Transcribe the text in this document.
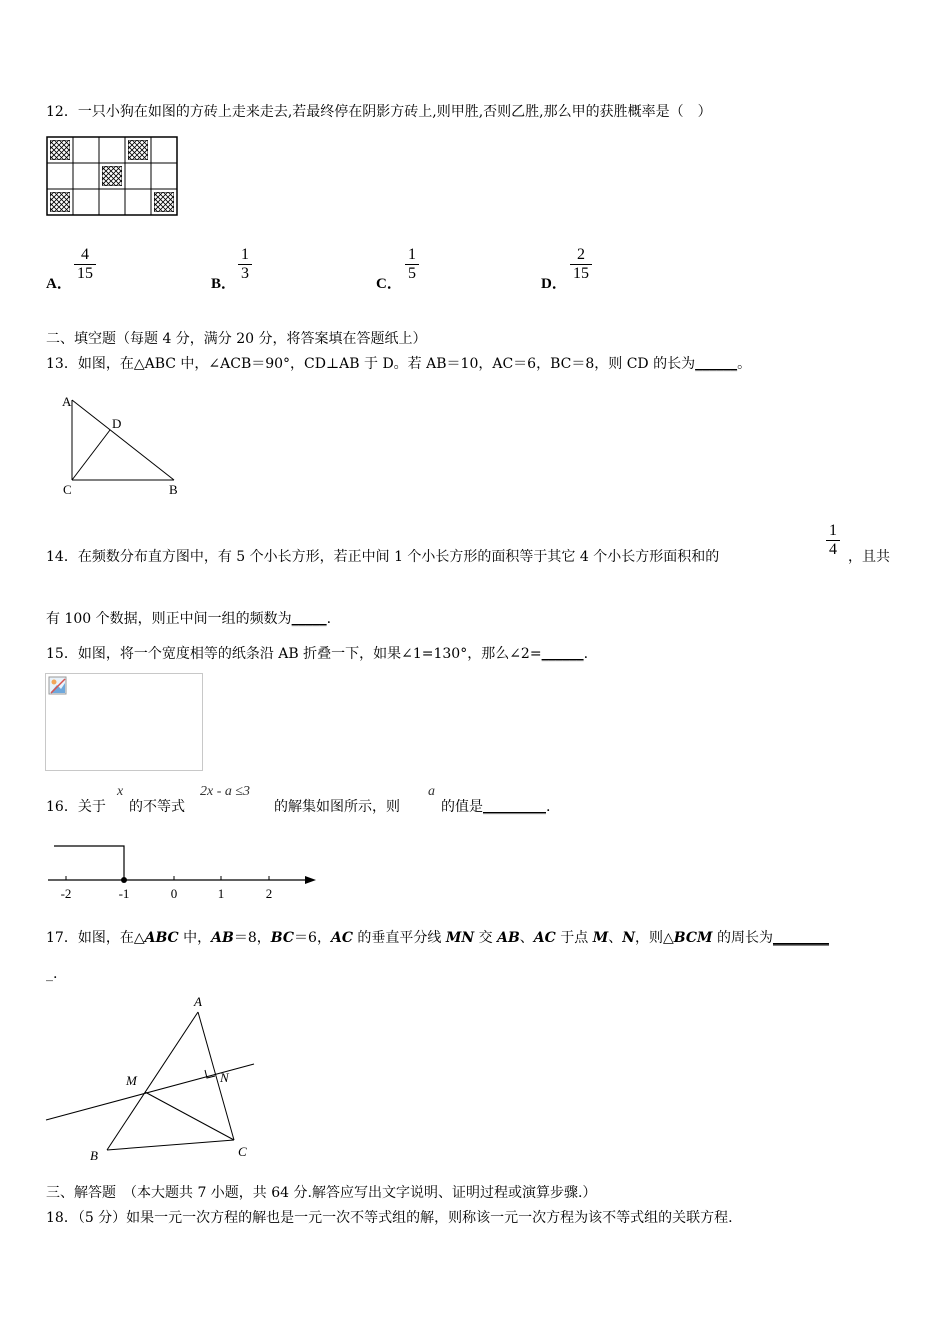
12．一只小狗在如图的方砖上走来走去,若最终停在阴影方砖上,则甲胜,否则乙胜,那么甲的获胜概率是（　）
A．
$\frac{4}{15}$
B．
$\frac{1}{3}$
C．
$\frac{1}{5}$
D．
$\frac{2}{15}$
二、填空题（每题 4 分，满分 20 分，将答案填在答题纸上）
13．如图，在△ABC 中，∠ACB＝90°，CD⊥AB 于 D。若 AB＝10，AC＝6，BC＝8，则 CD 的长为______。
A
D
C	B
14．在频数分布直方图中，有 5 个小长方形，若正中间 1 个小长方形的面积等于其它 4 个小长方形面积和的	$\frac{1}{4}$ ，且共
有 100 个数据，则正中间一组的频数为_____.
15．如图，将一个宽度相等的纸条沿 AB 折叠一下，如果∠1=130°，那么∠2=______.
16．关于
x
的不等式
2x - a ≤3
的解集如图所示，则
a
的值是_________.
-2	-1	0	1	2
17．如图，在△ABC 中，AB＝8，BC＝6，AC 的垂直平分线 MN 交 AB、AC 于点 M、N，则△BCM 的周长为________
_.
A
M	N
B	C
三、解答题　（本大题共 7 小题，共 64 分.解答应写出文字说明、证明过程或演算步骤.）
18．（5 分）如果一元一次方程的解也是一元一次不等式组的解，则称该一元一次方程为该不等式组的关联方程.
